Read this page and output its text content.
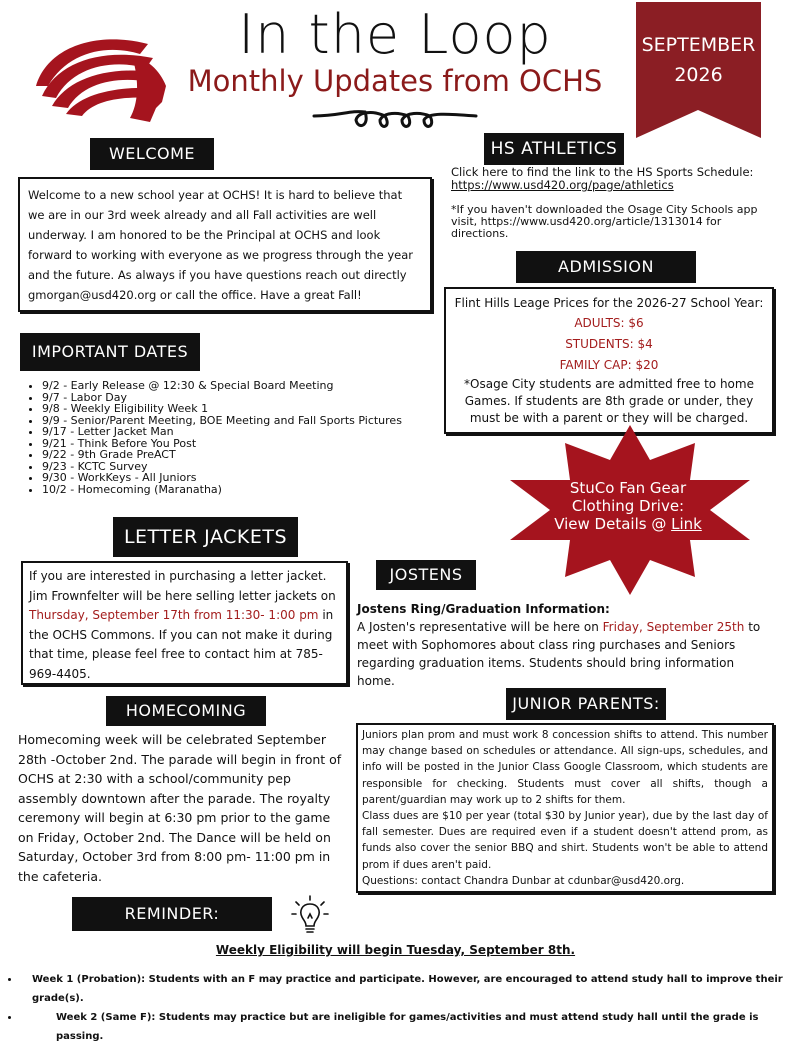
In the Loop
Monthly Updates from OCHS
SEPTEMBER
2026
WELCOME
Welcome to a new school year at OCHS! It is hard to believe that we are in our 3rd week already and all Fall activities are well underway. I am honored to be the Principal at OCHS and look forward to working with everyone as we progress through the year and the future. As always if you have questions reach out directly gmorgan@usd420.org or call the office. Have a great Fall!
HS ATHLETICS
Click here to find the link to the HS Sports Schedule:
https://www.usd420.org/page/athletics
*If you haven't downloaded the Osage City Schools app visit, https://www.usd420.org/article/1313014 for directions.
ADMISSION
Flint Hills Leage Prices for the 2026-27 School Year:
ADULTS: $6
STUDENTS: $4
FAMILY CAP: $20
*Osage City students are admitted free to home Games. If students are 8th grade or under, they must be with a parent or they will be charged.
IMPORTANT DATES
• 9/2 - Early Release @ 12:30 & Special Board Meeting
• 9/7 - Labor Day
• 9/8 - Weekly Eligibility Week 1
• 9/9 - Senior/Parent Meeting, BOE Meeting and Fall Sports Pictures
• 9/17 - Letter Jacket Man
• 9/21 - Think Before You Post
• 9/22 - 9th Grade PreACT
• 9/23 - KCTC Survey
• 9/30 - WorkKeys - All Juniors
• 10/2 - Homecoming (Maranatha)	StuCo Fan Gear
Clothing Drive:
View Details @ Link
LETTER JACKETS
If you are interested in purchasing a letter jacket. Jim Frownfelter will be here selling letter jackets on Thursday, September 17th from 11:30- 1:00 pm in the OCHS Commons. If you can not make it during that time, please feel free to contact him at 785-969-4405.
JOSTENS
Jostens Ring/Graduation Information:
A Josten's representative will be here on Friday, September 25th to meet with Sophomores about class ring purchases and Seniors regarding graduation items. Students should bring information home.
HOMECOMING
Homecoming week will be celebrated September 28th -October 2nd. The parade will begin in front of OCHS at 2:30 with a school/community pep assembly downtown after the parade. The royalty ceremony will begin at 6:30 pm prior to the game on Friday, October 2nd. The Dance will be held on Saturday, October 3rd from 8:00 pm- 11:00 pm in the cafeteria.
JUNIOR PARENTS:
Juniors plan prom and must work 8 concession shifts to attend. This number may change based on schedules or attendance. All sign-ups, schedules, and info will be posted in the Junior Class Google Classroom, which students are responsible for checking. Students must cover all shifts, though a parent/guardian may work up to 2 shifts for them.
Class dues are $10 per year (total $30 by Junior year), due by the last day of fall semester. Dues are required even if a student doesn't attend prom, as funds also cover the senior BBQ and shirt. Students won't be able to attend prom if dues aren't paid.
Questions: contact Chandra Dunbar at cdunbar@usd420.org.
REMINDER:
Weekly Eligibility will begin Tuesday, September 8th.
• Week 1 (Probation): Students with an F may practice and participate. However, are encouraged to attend study hall to improve their grade(s).
• Week 2 (Same F): Students may practice but are ineligible for games/activities and must attend study hall until the grade is passing.
